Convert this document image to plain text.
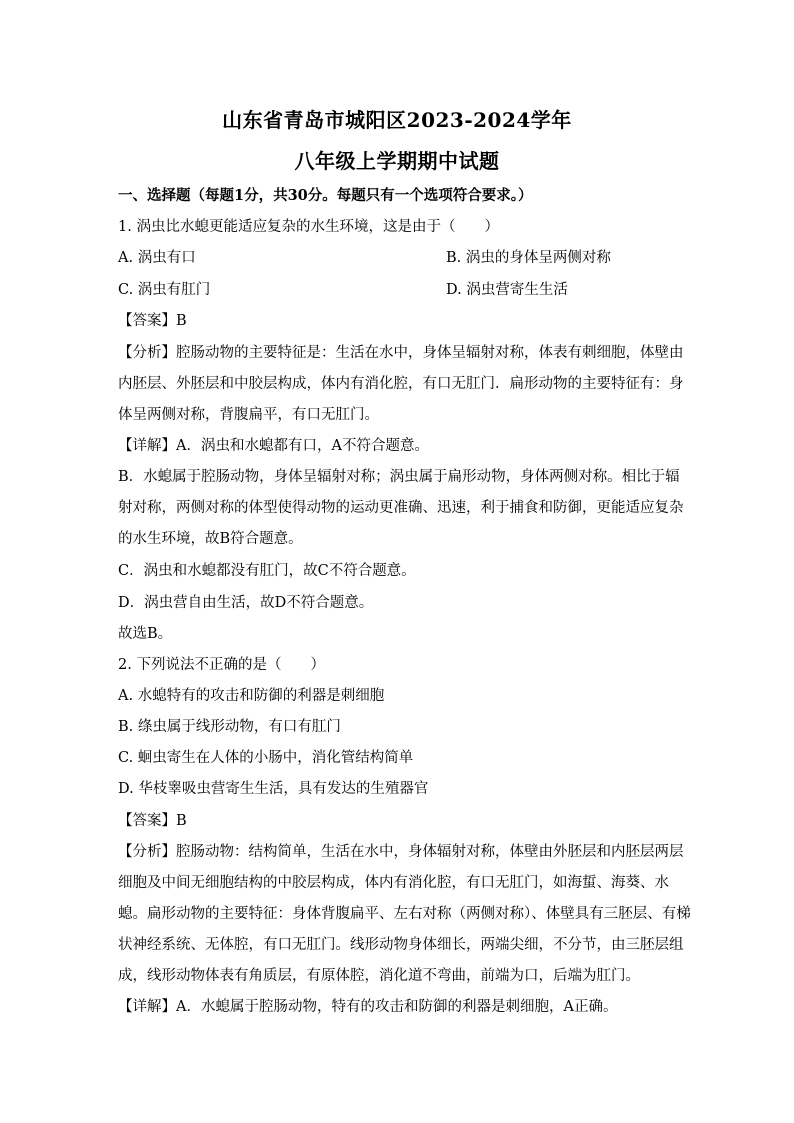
山东省青岛市城阳区2023-2024学年
八年级上学期期中试题
一、选择题（每题1分，共30分。每题只有一个选项符合要求。）
1. 涡虫比水螅更能适应复杂的水生环境，这是由于（　　）
A. 涡虫有口	B. 涡虫的身体呈两侧对称
C. 涡虫有肛门	D. 涡虫营寄生生活
【答案】B
【分析】腔肠动物的主要特征是：生活在水中，身体呈辐射对称，体表有刺细胞，体壁由
内胚层、外胚层和中胶层构成，体内有消化腔，有口无肛门．扁形动物的主要特征有：身
体呈两侧对称，背腹扁平，有口无肛门。
【详解】A．涡虫和水螅都有口，A不符合题意。
B．水螅属于腔肠动物，身体呈辐射对称；涡虫属于扁形动物，身体两侧对称。相比于辐
射对称，两侧对称的体型使得动物的运动更准确、迅速，利于捕食和防御，更能适应复杂
的水生环境，故B符合题意。
C．涡虫和水螅都没有肛门，故C不符合题意。
D．涡虫营自由生活，故D不符合题意。
故选B。
2. 下列说法不正确的是（　　）
A. 水螅特有的攻击和防御的利器是刺细胞
B. 绦虫属于线形动物，有口有肛门
C. 蛔虫寄生在人体的小肠中，消化管结构简单
D. 华枝睾吸虫营寄生生活，具有发达的生殖器官
【答案】B
【分析】腔肠动物：结构简单，生活在水中，身体辐射对称，体壁由外胚层和内胚层两层
细胞及中间无细胞结构的中胶层构成，体内有消化腔，有口无肛门，如海蜇、海葵、水
螅。扁形动物的主要特征：身体背腹扁平、左右对称（两侧对称）、体壁具有三胚层、有梯
状神经系统、无体腔，有口无肛门。线形动物身体细长，两端尖细，不分节，由三胚层组
成，线形动物体表有角质层，有原体腔，消化道不弯曲，前端为口，后端为肛门。
【详解】A．水螅属于腔肠动物，特有的攻击和防御的利器是刺细胞，A正确。
